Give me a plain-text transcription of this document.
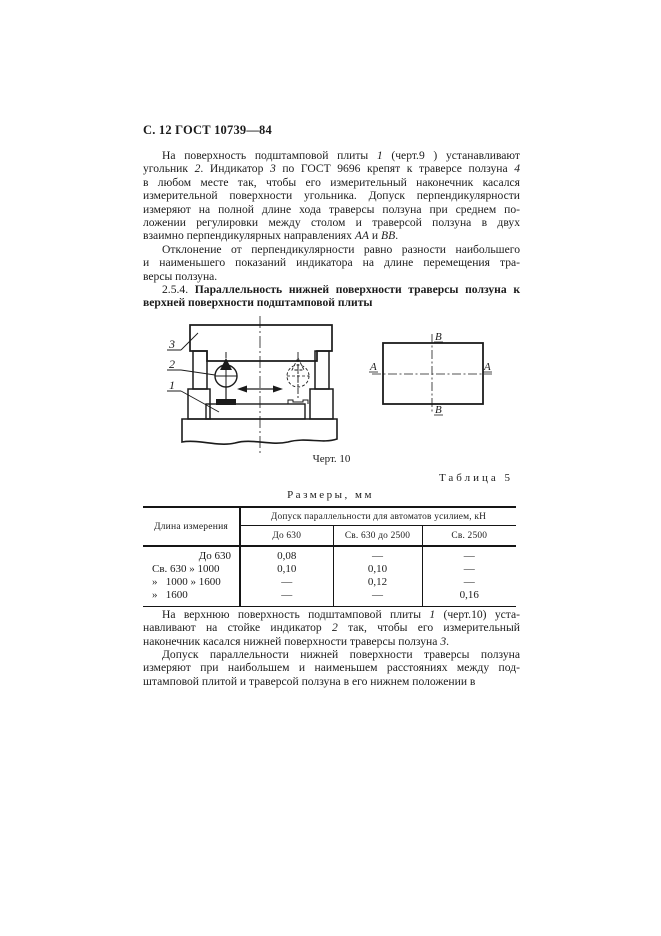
С. 12 ГОСТ 10739—84
На поверхность подштамповой плиты 1 (черт.9 ) устанавливают
угольник 2. Индикатор 3 по ГОСТ 9696 крепят к траверсе ползуна 4
в любом месте так, чтобы его измерительный наконечник касался
измерительной поверхности угольника. Допуск перпендикулярности
измеряют на полной длине хода траверсы ползуна при среднем по-
ложении регулировки между столом и траверсой ползуна в двух
взаимно перпендикулярных направлениях АА и ВВ.
Отклонение от перпендикулярности равно разности наибольшего
и наименьшего показаний индикатора на длине перемещения тра-
версы ползуна.
2.5.4. Параллельность нижней поверхности траверсы ползуна к
верхней поверхности подштамповой плиты
3
2
1
В
В
А	А
Черт. 10
Таблица 5
Размеры, мм
Длина измерения	Допуск параллельности для автоматов усилием, кН		
	До 630	Св. 630 до 2500	Св. 2500
До 630	0,08	—	—
Св. 630 » 1000	0,10	0,10	—
»   1000 » 1600	—	0,12	—
»   1600	—	—	0,16
На верхнюю поверхность подштамповой плиты 1 (черт.10) уста-
навливают на стойке индикатор 2 так, чтобы его измерительный
наконечник касался нижней поверхности траверсы ползуна 3.
Допуск параллельности нижней поверхности траверсы ползуна
измеряют при наибольшем и наименьшем расстояниях между под-
штамповой плитой и траверсой ползуна в его нижнем положении в
